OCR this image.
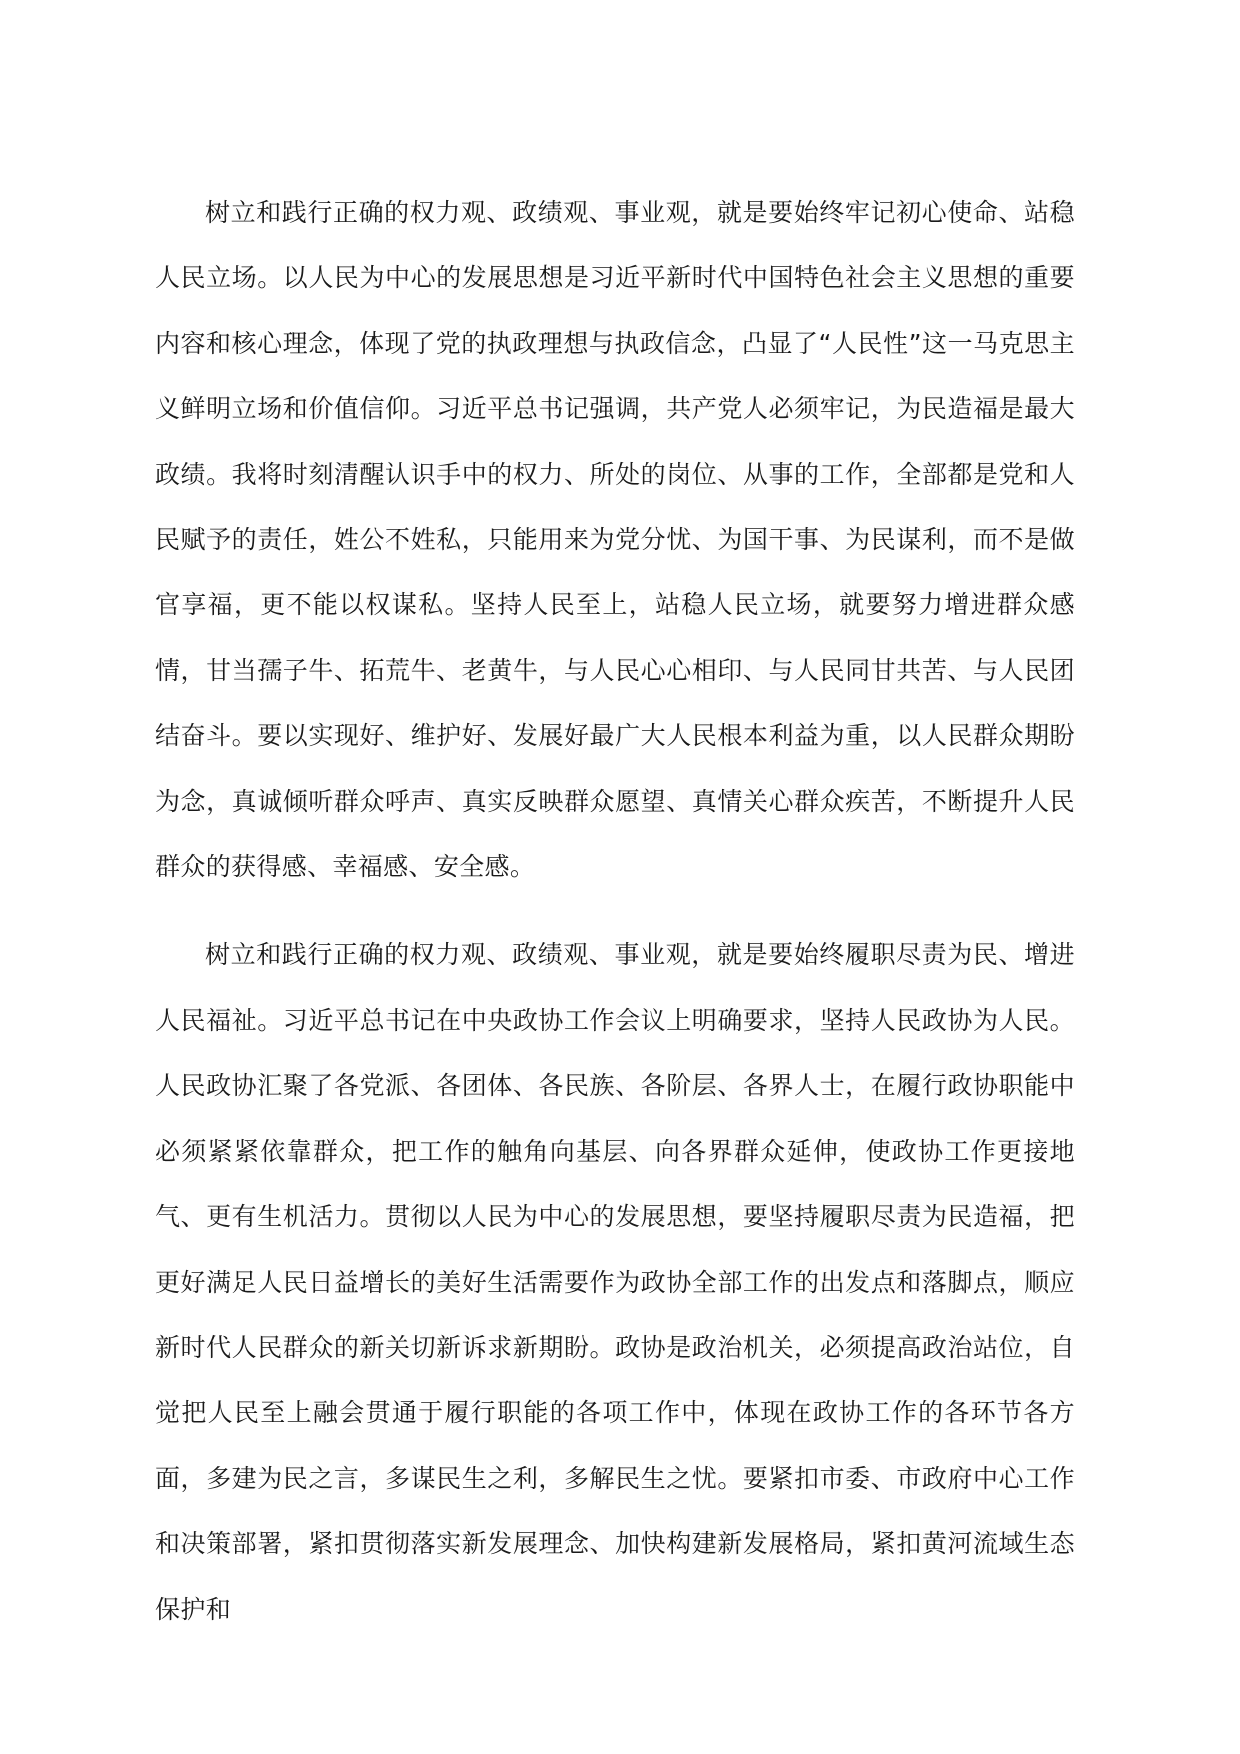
树立和践行正确的权力观、政绩观、事业观，就是要始终牢记初心使命、站稳人民立场。以人民为中心的发展思想是习近平新时代中国特色社会主义思想的重要内容和核心理念，体现了党的执政理想与执政信念，凸显了“人民性”这一马克思主义鲜明立场和价值信仰。习近平总书记强调，共产党人必须牢记，为民造福是最大政绩。我将时刻清醒认识手中的权力、所处的岗位、从事的工作，全部都是党和人民赋予的责任，姓公不姓私，只能用来为党分忧、为国干事、为民谋利，而不是做官享福，更不能以权谋私。坚持人民至上，站稳人民立场，就要努力增进群众感情，甘当孺子牛、拓荒牛、老黄牛，与人民心心相印、与人民同甘共苦、与人民团结奋斗。要以实现好、维护好、发展好最广大人民根本利益为重，以人民群众期盼为念，真诚倾听群众呼声、真实反映群众愿望、真情关心群众疾苦，不断提升人民群众的获得感、幸福感、安全感。

树立和践行正确的权力观、政绩观、事业观，就是要始终履职尽责为民、增进人民福祉。习近平总书记在中央政协工作会议上明确要求，坚持人民政协为人民。人民政协汇聚了各党派、各团体、各民族、各阶层、各界人士，在履行政协职能中必须紧紧依靠群众，把工作的触角向基层、向各界群众延伸，使政协工作更接地气、更有生机活力。贯彻以人民为中心的发展思想，要坚持履职尽责为民造福，把更好满足人民日益增长的美好生活需要作为政协全部工作的出发点和落脚点，顺应新时代人民群众的新关切新诉求新期盼。政协是政治机关，必须提高政治站位，自觉把人民至上融会贯通于履行职能的各项工作中，体现在政协工作的各环节各方面，多建为民之言，多谋民生之利，多解民生之忧。要紧扣市委、市政府中心工作和决策部署，紧扣贯彻落实新发展理念、加快构建新发展格局，紧扣黄河流域生态保护和
